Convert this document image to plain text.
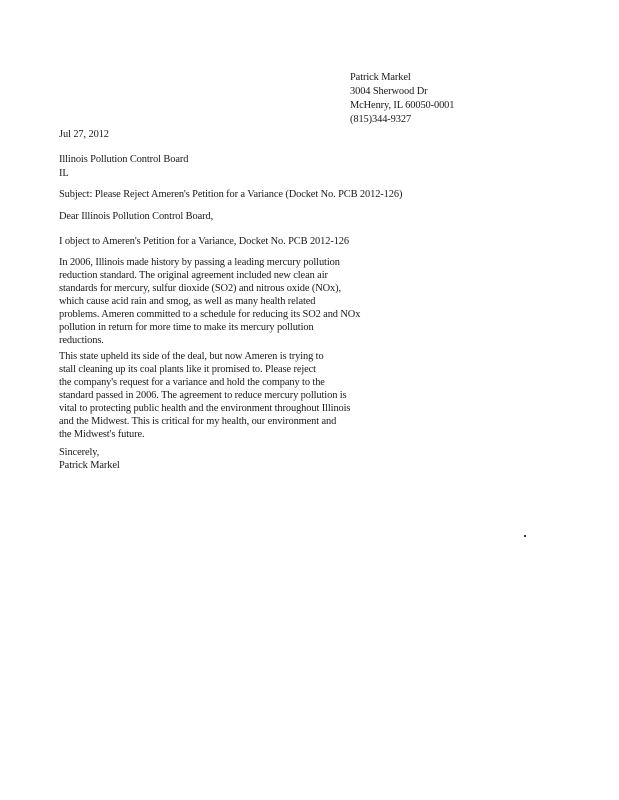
Patrick Markel
3004 Sherwood Dr
McHenry, IL 60050-0001
(815)344-9327
Jul 27, 2012
Illinois Pollution Control Board
IL
Subject: Please Reject Ameren's Petition for a Variance (Docket No. PCB 2012-126)
Dear Illinois Pollution Control Board,
I object to Ameren's Petition for a Variance, Docket No. PCB 2012-126
In 2006, Illinois made history by passing a leading mercury pollution
reduction standard. The original agreement included new clean air
standards for mercury, sulfur dioxide (SO2) and nitrous oxide (NOx),
which cause acid rain and smog, as well as many health related
problems. Ameren committed to a schedule for reducing its SO2 and NOx
pollution in return for more time to make its mercury pollution
reductions.
This state upheld its side of the deal, but now Ameren is trying to
stall cleaning up its coal plants like it promised to. Please reject
the company's request for a variance and hold the company to the
standard passed in 2006. The agreement to reduce mercury pollution is
vital to protecting public health and the environment throughout Illinois
and the Midwest. This is critical for my health, our environment and
the Midwest's future.
Sincerely,
Patrick Markel
